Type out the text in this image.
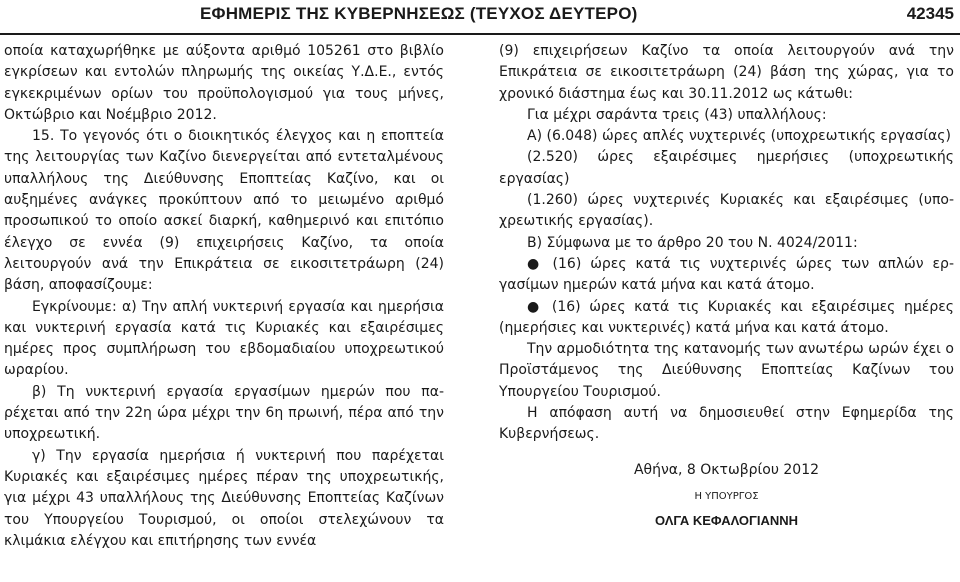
ΕΦΗΜΕΡΙΣ ΤΗΣ ΚΥΒΕΡΝΗΣΕΩΣ (ΤΕΥΧΟΣ ΔΕΥΤΕΡΟ)	42345

οποία καταχωρήθηκε με αύξοντα αριθμό 105261 στο βιβλίο εγκρίσεων και εντολών πληρωμής της οικείας Υ.Δ.Ε., εντός εγκεκριμένων ορίων του προϋπολογισμού για τους μήνες, Οκτώβριο και Νοέμβριο 2012.

15. Το γεγονός ότι ο διοικητικός έλεγχος και η εποπτεία της λειτουργίας των Καζίνο διενεργείται από εντεταλμένους υπαλλήλους της Διεύθυνσης Εποπτείας Καζίνο, και οι αυξημένες ανάγκες προκύπτουν από το μειωμένο αριθμό προσωπικού το οποίο ασκεί διαρκή, καθημερινό και επιτόπιο έλεγχο σε εννέα (9) επιχειρήσεις Καζίνο, τα οποία λειτουργούν ανά την Επικράτεια σε εικοσιτετράωρη (24) βάση, αποφασίζουμε:

Εγκρίνουμε: α) Την απλή νυκτερινή εργασία και ημερήσια και νυκτερινή εργασία κατά τις Κυριακές και εξαιρέσιμες ημέρες προς συμπλήρωση του εβδομαδιαίου υποχρεωτικού ωραρίου.

β) Τη νυκτερινή εργασία εργασίμων ημερών που παρέχεται από την 22η ώρα μέχρι την 6η πρωινή, πέρα από την υποχρεωτική.

γ) Την εργασία ημερήσια ή νυκτερινή που παρέχεται Κυριακές και εξαιρέσιμες ημέρες πέραν της υποχρεωτικής, για μέχρι 43 υπαλλήλους της Διεύθυνσης Εποπτείας Καζίνων του Υπουργείου Τουρισμού, οι οποίοι στελεχώνουν τα κλιμάκια ελέγχου και επιτήρησης των εννέα

(9) επιχειρήσεων Καζίνο τα οποία λειτουργούν ανά την Επικράτεια σε εικοσιτετράωρη (24) βάση της χώρας, για το χρονικό διάστημα έως και 30.11.2012 ως κάτωθι:

Για μέχρι σαράντα τρεις (43) υπαλλήλους:

Α) (6.048) ώρες απλές νυχτερινές (υποχρεωτικής εργασίας)

(2.520) ώρες εξαιρέσιμες ημερήσιες (υποχρεωτικής εργασίας)

(1.260) ώρες νυχτερινές Κυριακές και εξαιρέσιμες (υποχρεωτικής εργασίας).

Β) Σύμφωνα με το άρθρο 20 του Ν. 4024/2011:

● (16) ώρες κατά τις νυχτερινές ώρες των απλών εργασίμων ημερών κατά μήνα και κατά άτομο.

● (16) ώρες κατά τις Κυριακές και εξαιρέσιμες ημέρες (ημερήσιες και νυκτερινές) κατά μήνα και κατά άτομο.

Την αρμοδιότητα της κατανομής των ανωτέρω ωρών έχει ο Προϊστάμενος της Διεύθυνσης Εποπτείας Καζίνων του Υπουργείου Τουρισμού.

Η απόφαση αυτή να δημοσιευθεί στην Εφημερίδα της Κυβερνήσεως.

Αθήνα, 8 Οκτωβρίου 2012

Η ΥΠΟΥΡΓΟΣ

ΟΛΓΑ ΚΕΦΑΛΟΓΙΑΝΝΗ
